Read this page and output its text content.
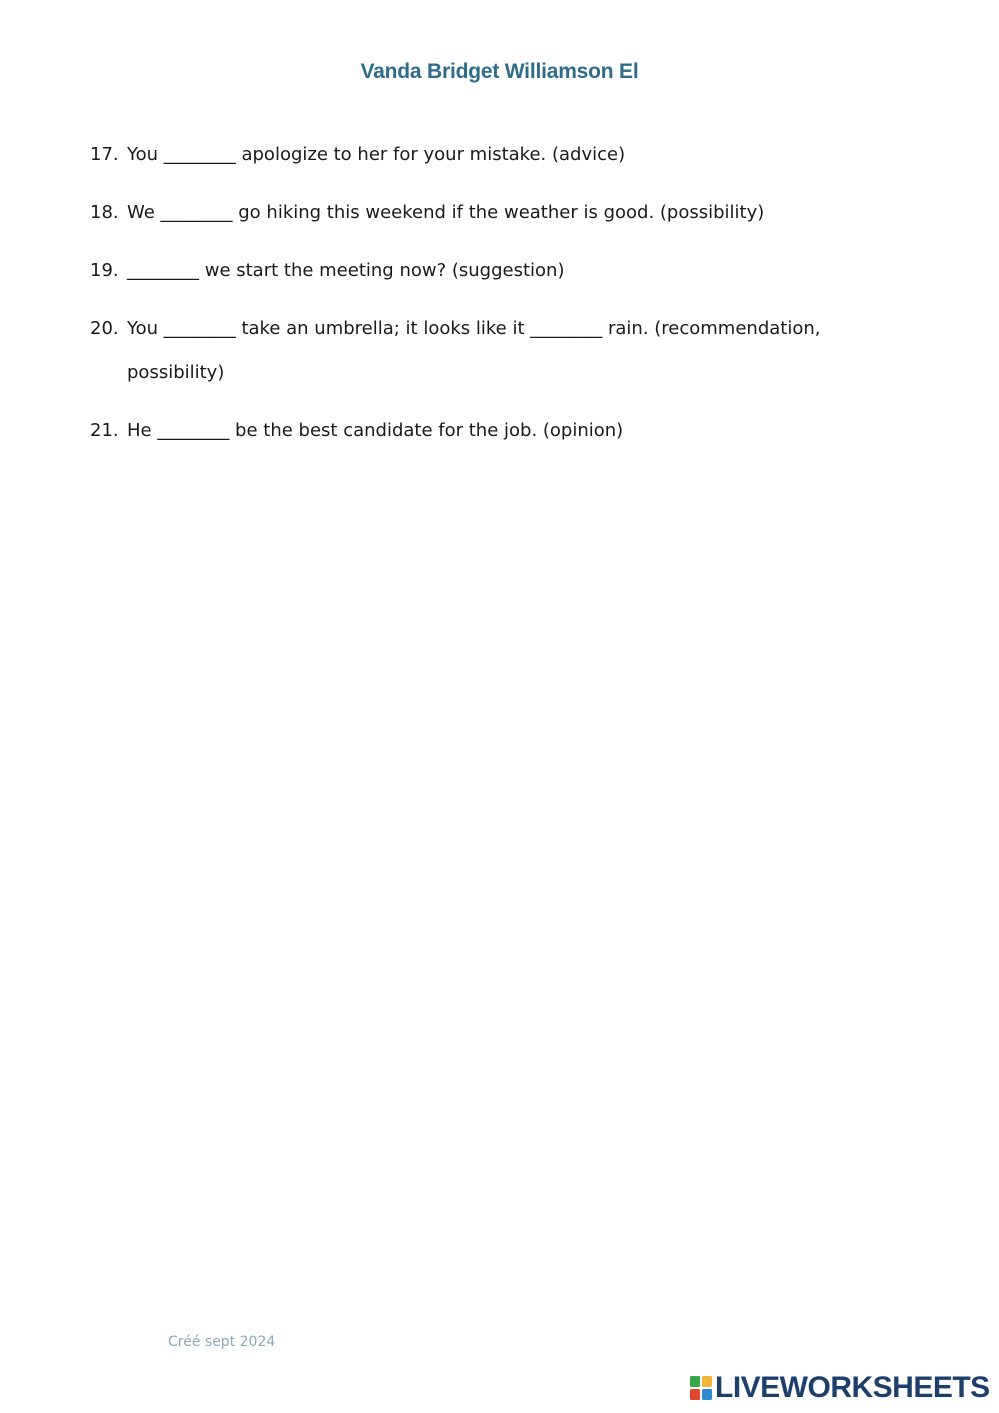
Vanda Bridget Williamson El
17. You ________ apologize to her for your mistake. (advice)
18. We ________ go hiking this weekend if the weather is good. (possibility)
19. ________ we start the meeting now? (suggestion)
20. You ________ take an umbrella; it looks like it ________ rain. (recommendation, possibility)
21. He ________ be the best candidate for the job. (opinion)
Créé sept 2024
LIVEWORKSHEETS
